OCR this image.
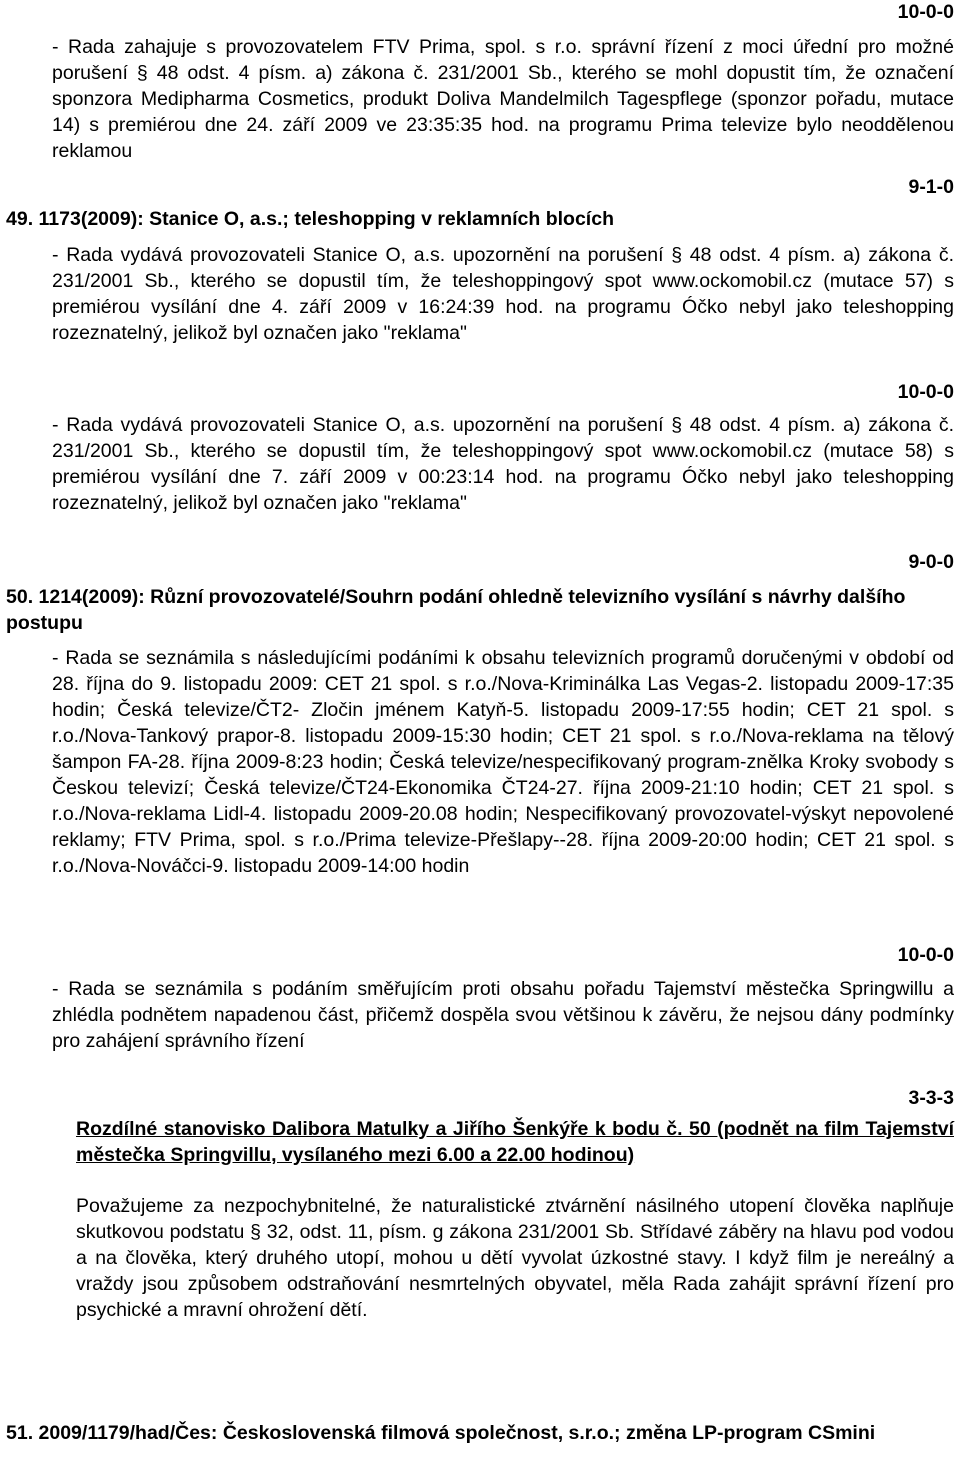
10-0-0

- Rada zahajuje s provozovatelem FTV Prima, spol. s r.o. správní řízení z moci úřední pro možné porušení § 48 odst. 4 písm. a) zákona č. 231/2001 Sb., kterého se mohl dopustit tím, že označení sponzora Medipharma Cosmetics, produkt Doliva Mandelmilch Tagespflege (sponzor pořadu, mutace 14) s premiérou dne 24. září 2009 ve 23:35:35 hod. na programu Prima televize bylo neoddělenou reklamou

9-1-0

49. 1173(2009): Stanice O, a.s.; teleshopping v reklamních blocích

- Rada vydává provozovateli Stanice O, a.s. upozornění na porušení § 48 odst. 4 písm. a) zákona č. 231/2001 Sb., kterého se dopustil tím, že teleshoppingový spot www.ockomobil.cz (mutace 57) s premiérou vysílání dne 4. září 2009 v 16:24:39 hod. na programu Óčko nebyl jako teleshopping rozeznatelný, jelikož byl označen jako "reklama"

10-0-0

- Rada vydává provozovateli Stanice O, a.s. upozornění na porušení § 48 odst. 4 písm. a) zákona č. 231/2001 Sb., kterého se dopustil tím, že teleshoppingový spot www.ockomobil.cz (mutace 58) s premiérou vysílání dne 7. září 2009 v 00:23:14 hod. na programu Óčko nebyl jako teleshopping rozeznatelný, jelikož byl označen jako "reklama"

9-0-0

50. 1214(2009): Různí provozovatelé/Souhrn podání ohledně televizního vysílání s návrhy dalšího postupu

- Rada se seznámila s následujícími podáními k obsahu televizních programů doručenými v období od 28. října do 9. listopadu 2009: CET 21 spol. s r.o./Nova-Kriminálka Las Vegas-2. listopadu 2009-17:35 hodin; Česká televize/ČT2- Zločin jménem Katyň-5. listopadu 2009-17:55 hodin; CET 21 spol. s r.o./Nova-Tankový prapor-8. listopadu 2009-15:30 hodin; CET 21 spol. s r.o./Nova-reklama na tělový šampon FA-28. října 2009-8:23 hodin; Česká televize/nespecifikovaný program-znělka Kroky svobody s Českou televizí; Česká televize/ČT24-Ekonomika ČT24-27. října 2009-21:10 hodin; CET 21 spol. s r.o./Nova-reklama Lidl-4. listopadu 2009-20.08 hodin; Nespecifikovaný provozovatel-výskyt nepovolené reklamy; FTV Prima, spol. s r.o./Prima televize-Přešlapy--28. října 2009-20:00 hodin; CET 21 spol. s r.o./Nova-Nováčci-9. listopadu 2009-14:00 hodin

10-0-0

- Rada se seznámila s podáním směřujícím proti obsahu pořadu Tajemství městečka Springwillu a zhlédla podnětem napadenou část, přičemž dospěla svou většinou k závěru, že nejsou dány podmínky pro zahájení správního řízení

3-3-3

Rozdílné stanovisko Dalibora Matulky a Jiřího Šenkýře k bodu č. 50 (podnět na film Tajemství městečka Springvillu, vysílaného mezi 6.00 a 22.00 hodinou)

Považujeme za nezpochybnitelné, že naturalistické ztvárnění násilného utopení člověka naplňuje skutkovou podstatu § 32, odst. 11, písm. g zákona 231/2001 Sb. Střídavé záběry na hlavu pod vodou a na člověka, který druhého utopí, mohou u dětí vyvolat úzkostné stavy. I když film je nereálný a vraždy jsou způsobem odstraňování nesmrtelných obyvatel, měla Rada zahájit správní řízení pro psychické a mravní ohrožení dětí.

51. 2009/1179/had/Čes: Československá filmová společnost, s.r.o.; změna LP-program CSmini
